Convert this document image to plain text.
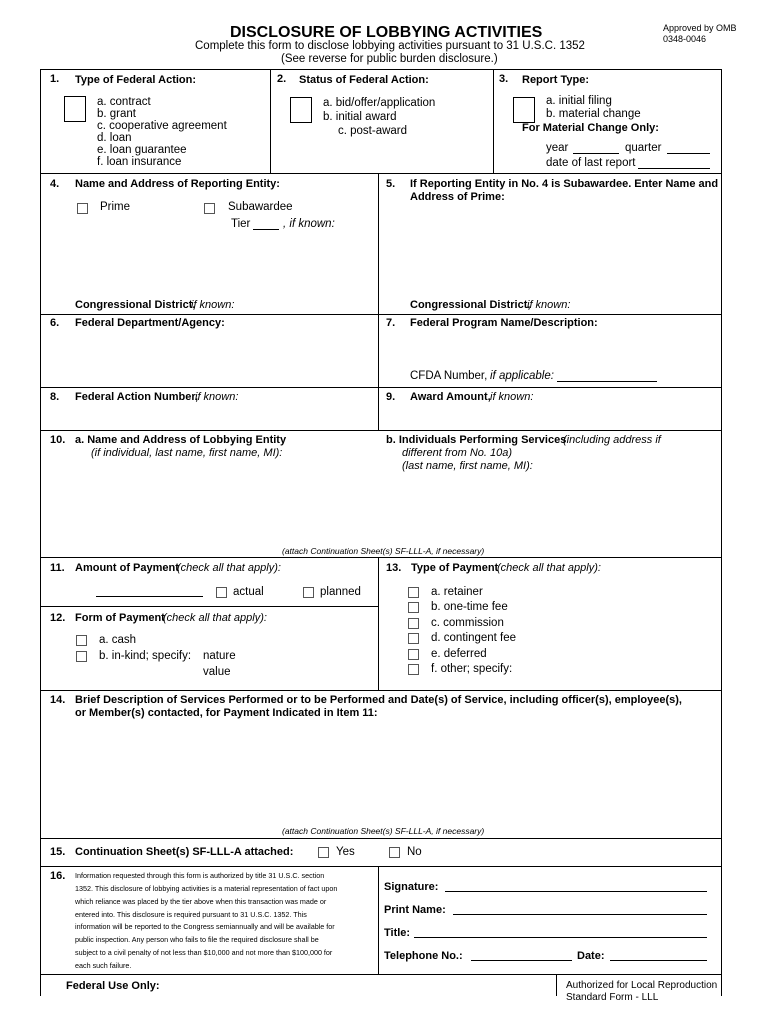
DISCLOSURE OF LOBBYING ACTIVITIES
Complete this form to disclose lobbying activities pursuant to 31 U.S.C. 1352
(See reverse for public burden disclosure.)
Approved by OMB
0348-0046
1. Type of Federal Action:
a. contract
b. grant
c. cooperative agreement
d. loan
e. loan guarantee
f. loan insurance
2. Status of Federal Action:
a. bid/offer/application
b. initial award
c. post-award
3. Report Type:
a. initial filing
b. material change
For Material Change Only:
year	quarter
date of last report
4. Name and Address of Reporting Entity:
Prime	Subawardee
Tier	, if known:
Congressional District,
if known:
5. If Reporting Entity in No. 4 is Subawardee. Enter Name and
Address of Prime:
Congressional District,
if known:
6. Federal Department/Agency:	7. Federal Program Name/Description:
CFDA Number, if applicable:
8. Federal Action Number,
if known:	9. Award Amount, if known:
10. a. Name and Address of Lobbying Entity
(if individual, last name, first name, MI):
b. Individuals Performing Services
(including address if
different from No. 10a)
(last name, first name, MI):
(attach Continuation Sheet(s) SF-LLL-A, if necessary)
11. Amount of Payment
(check all that apply):
actual	planned
12. Form of Payment
(check all that apply):
a. cash
b. in-kind; specify: nature
value
13. Type of Payment
(check all that apply):
a. retainer
b. one-time fee
c. commission
d. contingent fee
e. deferred
f. other; specify:
14. Brief Description of Services Performed or to be Performed and Date(s) of Service, including officer(s), employee(s),
or Member(s) contacted, for Payment Indicated in Item 11:
(attach Continuation Sheet(s) SF-LLL-A, if necessary)
15. Continuation Sheet(s) SF-LLL-A attached:	Yes	No
16. Information requested through this form is authorized by title 31 U.S.C. section
1352. This disclosure of lobbying activities is a material representation of fact upon
which reliance was placed by the tier above when this transaction was made or
entered into. This disclosure is required pursuant to 31 U.S.C. 1352. This
information will be reported to the Congress semiannually and will be available for
public inspection. Any person who fails to file the required disclosure shall be
subject to a civil penalty of not less than $10,000 and not more than $100,000 for
each such failure.
Signature:
Print Name:
Title:
Telephone No.:	Date:
Federal Use Only:	Authorized for Local Reproduction
Standard Form - LLL
